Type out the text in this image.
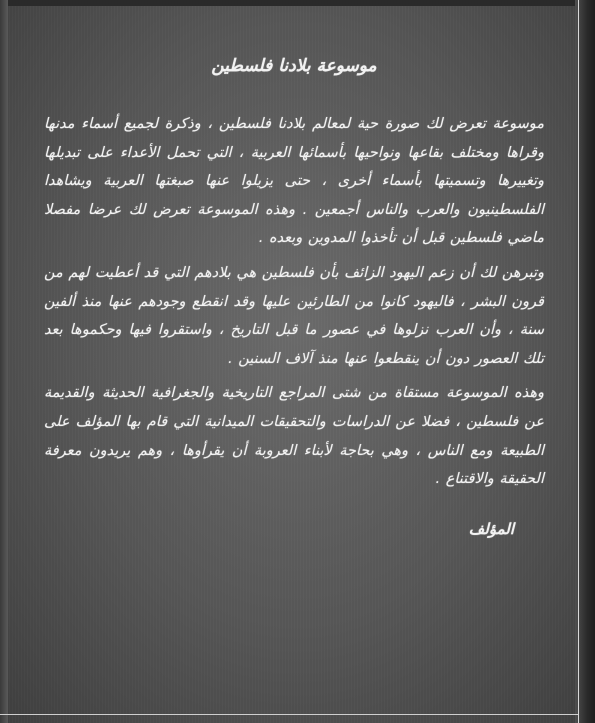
موسوعة بلادنا فلسطين

موسوعة تعرض لك صورة حية لمعالم بلادنا فلسطين ، وذكرة لجميع أسماء مدنها وقراها ومختلف بقاعها ونواحيها بأسمائها العربية ، التي تحمل الأعداء على تبديلها وتغييرها وتسميتها بأسماء أخرى ، حتى يزيلوا عنها صبغتها العربية ويشاهدا الفلسطينيون والعرب والناس أجمعين . وهذه الموسوعة تعرض لك عرضا مفصلا ماضي فلسطين قبل أن تأخذوا المدوين وبعده .

وتبرهن لك أن زعم اليهود الزائف بأن فلسطين هي بلادهم التي قد أعطيت لهم من قرون البشر ، فاليهود كانوا من الطارئين عليها وقد انقطع وجودهم عنها منذ ألفين سنة ، وأن العرب نزلوها في عصور ما قبل التاريخ ، واستقروا فيها وحكموها بعد تلك العصور دون أن ينقطعوا عنها منذ آلاف السنين .

وهذه الموسوعة مستقاة من شتى المراجع التاريخية والجغرافية الحديثة والقديمة عن فلسطين ، فضلا عن الدراسات والتحقيقات الميدانية التي قام بها المؤلف على الطبيعة ومع الناس ، وهي بحاجة لأبناء العروبة أن يقرأوها ، وهم يريدون معرفة الحقيقة والاقتناع .

المؤلف
